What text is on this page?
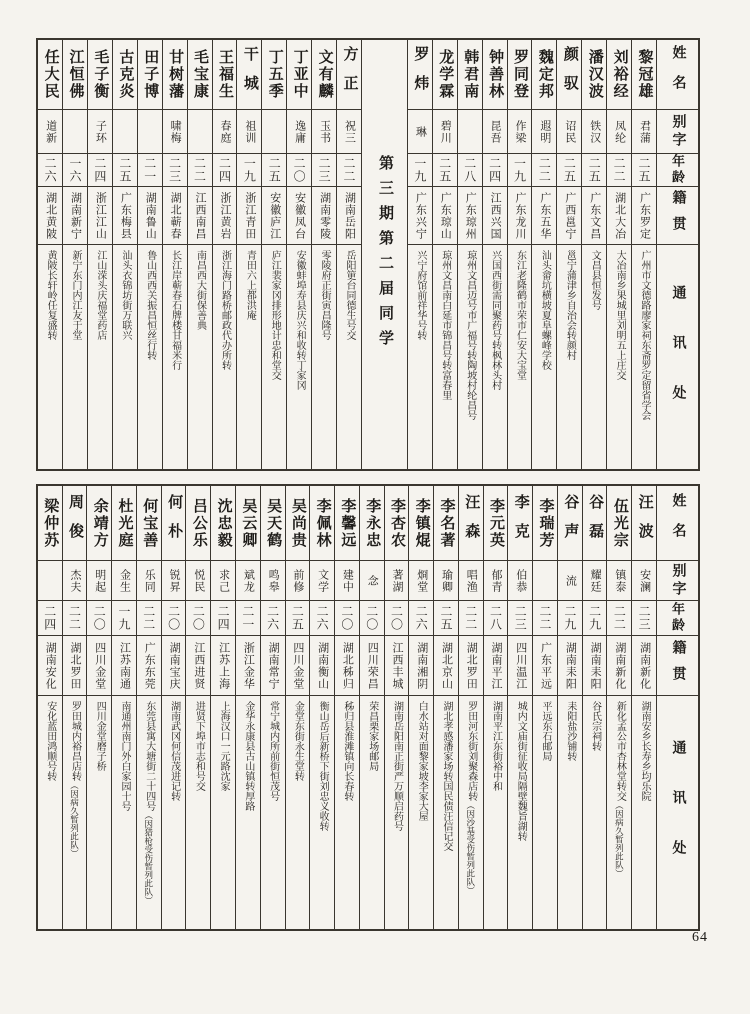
姓名
别字
年龄
籍贯
通讯处
黎冠雄
君蒲
二五
广东罗定
广州市文德路廖家祠东斋罗定留省学会
刘裕经
凤纶
二二
湖北大冶
大冶南乡果城里刘明五上庄交
潘汉波
铁汉
二五
广东文昌
文昌县恒发号
颜驭
诏民
二五
广西邕宁
邕宁蒲津乡自治会转颜村
魏定邦
遐明
二二
广东五华
汕头畲坑横坡夏阜螺峰学校
罗同登
作梁
一九
广东龙川
东江老隆鹤市荣市仁安大宝堂
钟善林
昆吾
二四
江西兴国
兴国西街需同聚药号转枫林头村
韩君南
二八
广东琼州
琼州文昌迈号市广福号转陶坡村纶昌号
龙学霖
碧川
二五
广东琼山
琼州文昌南白延市锦昌号转富春里
罗炜
琳
一九
广东兴宁
兴宁府馆前祥华号转
第三期第二届同学
方正
祝三
二二
湖南岳阳
岳阳筻台同德生号交
文有麟
玉书
二三
湖南零陵
零陵府正街寅昌隆号
丁亚中
逸庸
二〇
安徽凤台
安徽蚌埠寿县庆兴和收转丁家冈
丁五季
二五
安徽庐江
庐江裴家冈排形地计忠和堂交
干城
祖训
一九
浙江青田
青田六上都洪庵
王福生
春庭
二四
浙江黄岩
浙江海门路桥邮政代办所转
毛宝康
二二
江西南昌
南昌西大街保善典
甘树藩
啸梅
二三
湖北蕲春
长江岸蕲春石牌楼甘福米行
田子博
二一
湖南鲁山
鲁山西西关振昌恒丝行转
古克炎
二五
广东梅县
汕头衣锦坊街万联兴
毛子衡
子环
二四
浙江江山
江山溁头庆福堂药店
江恒佛
一六
湖南新宁
新宁东门内江友于堂
任大民
道新
二六
湖北黄陂
黄陂长轩岭任复盛转
姓名
别字
年龄
籍贯
通讯处
汪波
安澜
二三
湖南新化
湖南安乡长寿乡均乐院
伍光宗
镇泰
二二
湖南新化
新化孟公市杏林堂转交（因病久暂列此队）
谷磊
耀廷
二九
湖南耒阳
谷氏宗祠转
谷声
流
二九
湖南耒阳
耒阳盐沙铺转
李瑞芳
二二
广东平远
平远东石邮局
李克
伯恭
二三
四川温江
城内文庙街征收局隔壁魏旨湖转
李元英
郁青
二八
湖南平江
湖南平江东街裕中和
汪森
唱渔
二二
湖北罗田
罗田河东街刘聚森店转（因沙基受伤暂列此队）
李名著
瑜卿
二五
湖北京山
湖北孝感潘家场转国民债汪信记交
李镇焜
烱堂
二六
湖南湘阴
白水站对面黎家坡李家大屋
李杏农
著湖
二〇
江西丰城
湖南岳阳南正街严万顺启药号
李永忠
念
二〇
四川荣昌
荣昌栗家场邮局
李馨远
建中
二〇
湖北秭归
秭归县淮滩镇向长春转
李佩林
文学
二六
湖南衡山
衡山岳后新桥下街刘忠义收转
吴尚贵
前修
二五
四川金堂
金堂东街永生堂转
吴天鹤
鸣皋
二六
湖南常宁
常宁城内所前街恒茂号
吴云卿
斌龙
二一
浙江金华
金华永康县古山镇转厚路
沈忠毅
求己
二四
江苏上海
上海汉口一元路沈家
吕公乐
悦民
二〇
江西进贤
进贤下埠市志和号交
何朴
锐昇
二〇
湖南宝庆
湖南武冈何信茂进记转
何宝善
乐同
二二
广东东莞
东莞县寓大塘街二十四号（因猎枪受伤暂列此队）
杜光庭
金生
一九
江苏南通
南通州南门外白家园十号
余靖方
明起
二〇
四川金堂
四川金堂磨子桥
周俊
杰夫
二二
湖北罗田
罗田城内裕昌店转（因病久暂列此队）
梁仲苏
二四
湖南安化
安化蓝田鸿顺号转
64
